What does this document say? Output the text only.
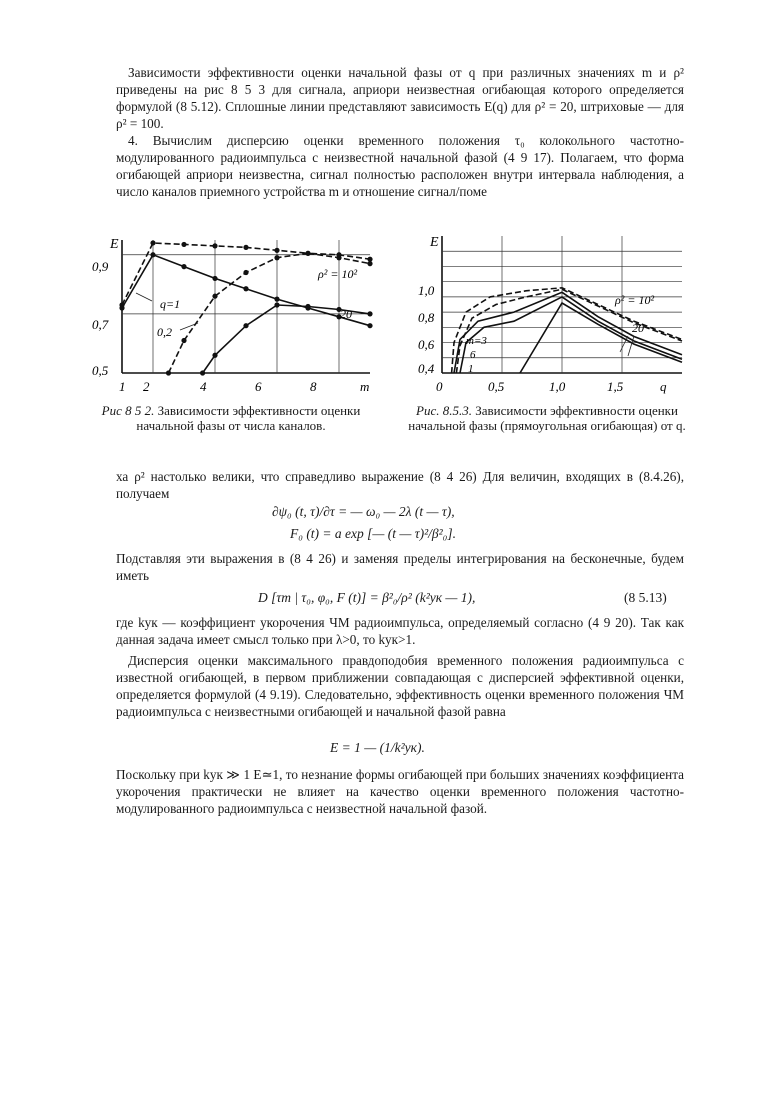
Зависимости эффективности оценки начальной фазы от q при различных значениях m и ρ² приведены на рис 8 5 3 для сигнала, априори неизвестная огибающая которого определяется формулой (8 5.12). Сплошные линии представляют зависимость E(q) для ρ² = 20, штриховые — для ρ² = 100.

4. Вычислим дисперсию оценки временного положения τ₀ колокольного частотно-модулированного радиоимпульса с неизвестной начальной фазой (4 9 17). Полагаем, что форма огибающей априори неизвестна, сигнал полностью расположен внутри интервала наблюдения, а число каналов приемного устройства m и отношение сигнал/поме

E
0,9
0,7
0,5
1 2	4	6	8	m
ρ² = 10²
20
q=1
0,2
Рис 8 5 2. Зависимости эффективности оценки начальной фазы от числа каналов.
E
1,0
0,8
0,6
0,4
0	0,5	1,0	1,5	q
ρ² = 10²
20
m=3
6
1
Рис. 8.5.3. Зависимости эффективности оценки начальной фазы (прямоугольная огибающая) от q.

ха ρ² настолько велики, что справедливо выражение (8 4 26) Для величин, входящих в (8.4.26), получаем

∂ψ₀ (t, τ)/∂τ = — ω₀ — 2λ (t — τ),
F₀ (t) = a exp [— (t — τ)²/β²₀].

Подставляя эти выражения в (8 4 26) и заменяя пределы интегрирования на бесконечные, будем иметь

D [τm | τ₀, φ₀, F (t)] = β²₀/ρ² (k²ук — 1),	(8 5.13)

где kук — коэффициент укорочения ЧМ радиоимпульса, определяемый согласно (4 9 20). Так как данная задача имеет смысл только при λ>0, то kук>1.

Дисперсия оценки максимального правдоподобия временного положения радиоимпульса с известной огибающей, в первом приближении совпадающая с дисперсией эффективной оценки, определяется формулой (4 9.19). Следовательно, эффективность оценки временного положения ЧМ радиоимпульса с неизвестными огибающей и начальной фазой равна

E = 1 — (1/k²ук).

Поскольку при kук ≫ 1 E≃1, то незнание формы огибающей при больших значениях коэффициента укорочения практически не влияет на качество оценки временного положения частотно-модулированного радиоимпульса с неизвестной начальной фазой.
